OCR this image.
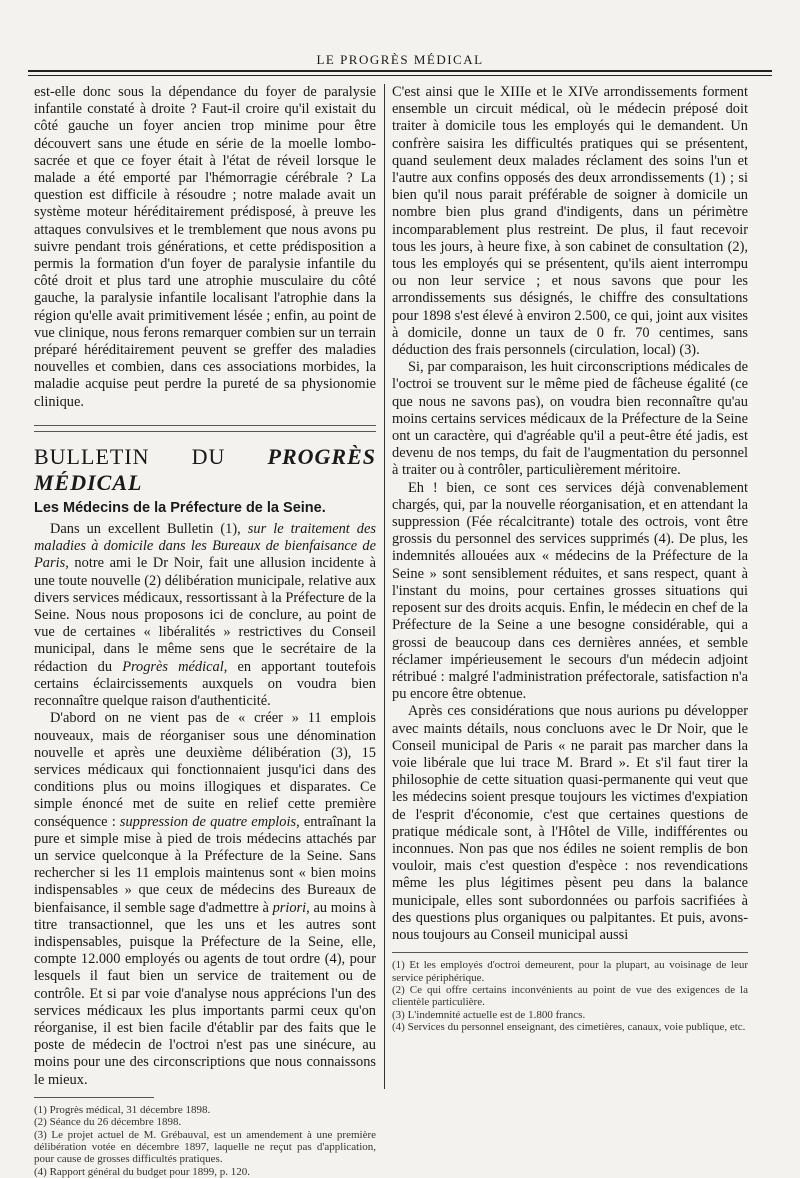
LE PROGRÈS MÉDICAL

est-elle donc sous la dépendance du foyer de paralysie infantile constaté à droite ? Faut-il croire qu'il existait du côté gauche un foyer ancien trop minime pour être découvert sans une étude en série de la moelle lombo-sacrée et que ce foyer était à l'état de réveil lorsque le malade a été emporté par l'hémorragie cérébrale ? La question est difficile à résoudre ; notre malade avait un système moteur héréditairement prédisposé, à preuve les attaques convulsives et le tremblement que nous avons pu suivre pendant trois générations, et cette prédisposition a permis la formation d'un foyer de paralysie infantile du côté droit et plus tard une atrophie musculaire du côté gauche, la paralysie infantile localisant l'atrophie dans la région qu'elle avait primitivement lésée ; enfin, au point de vue clinique, nous ferons remarquer combien sur un terrain préparé héréditairement peuvent se greffer des maladies nouvelles et combien, dans ces associations morbides, la maladie acquise peut perdre la pureté de sa physionomie clinique.

BULLETIN DU PROGRÈS MÉDICAL
Les Médecins de la Préfecture de la Seine.

Dans un excellent Bulletin (1), sur le traitement des maladies à domicile dans les Bureaux de bienfaisance de Paris, notre ami le Dr Noir, fait une allusion incidente à une toute nouvelle (2) délibération municipale, relative aux divers services médicaux, ressortissant à la Préfecture de la Seine. Nous nous proposons ici de conclure, au point de vue de certaines « libéralités » restrictives du Conseil municipal, dans le même sens que le secrétaire de la rédaction du Progrès médical, en apportant toutefois certains éclaircissements auxquels on voudra bien reconnaître quelque raison d'authenticité.

D'abord on ne vient pas de « créer » 11 emplois nouveaux, mais de réorganiser sous une dénomination nouvelle et après une deuxième délibération (3), 15 services médicaux qui fonctionnaient jusqu'ici dans des conditions plus ou moins illogiques et disparates. Ce simple énoncé met de suite en relief cette première conséquence : suppression de quatre emplois, entraînant la pure et simple mise à pied de trois médecins attachés par un service quelconque à la Préfecture de la Seine. Sans rechercher si les 11 emplois maintenus sont « bien moins indispensables » que ceux de médecins des Bureaux de bienfaisance, il semble sage d'admettre à priori, au moins à titre transactionnel, que les uns et les autres sont indispensables, puisque la Préfecture de la Seine, elle, compte 12.000 employés ou agents de tout ordre (4), pour lesquels il faut bien un service de traitement ou de contrôle. Et si par voie d'analyse nous apprécions l'un des services médicaux les plus importants parmi ceux qu'on réorganise, il est bien facile d'établir par des faits que le poste de médecin de l'octroi n'est pas une sinécure, au moins pour une des circonscriptions que nous connaissons le mieux.

(1) Progrès médical, 31 décembre 1898.

(2) Séance du 26 décembre 1898.

(3) Le projet actuel de M. Grébauval, est un amendement à une première délibération votée en décembre 1897, laquelle ne reçut pas d'application, pour cause de grosses difficultés pratiques.

(4) Rapport général du budget pour 1899, p. 120.

C'est ainsi que le XIIIe et le XIVe arrondissements forment ensemble un circuit médical, où le médecin préposé doit traiter à domicile tous les employés qui le demandent. Un confrère saisira les difficultés pratiques qui se présentent, quand seulement deux malades réclament des soins l'un et l'autre aux confins opposés des deux arrondissements (1) ; si bien qu'il nous parait préférable de soigner à domicile un nombre bien plus grand d'indigents, dans un périmètre incomparablement plus restreint. De plus, il faut recevoir tous les jours, à heure fixe, à son cabinet de consultation (2), tous les employés qui se présentent, qu'ils aient interrompu ou non leur service ; et nous savons que pour les arrondissements sus désignés, le chiffre des consultations pour 1898 s'est élevé à environ 2.500, ce qui, joint aux visites à domicile, donne un taux de 0 fr. 70 centimes, sans déduction des frais personnels (circulation, local) (3).

Si, par comparaison, les huit circonscriptions médicales de l'octroi se trouvent sur le même pied de fâcheuse égalité (ce que nous ne savons pas), on voudra bien reconnaître qu'au moins certains services médicaux de la Préfecture de la Seine ont un caractère, qui d'agréable qu'il a peut-être été jadis, est devenu de nos temps, du fait de l'augmentation du personnel à traiter ou à contrôler, particulièrement méritoire.

Eh ! bien, ce sont ces services déjà convenablement chargés, qui, par la nouvelle réorganisation, et en attendant la suppression (Fée récalcitrante) totale des octrois, vont être grossis du personnel des services supprimés (4). De plus, les indemnités allouées aux « médecins de la Préfecture de la Seine » sont sensiblement réduites, et sans respect, quant à l'instant du moins, pour certaines grosses situations qui reposent sur des droits acquis. Enfin, le médecin en chef de la Préfecture de la Seine a une besogne considérable, qui a grossi de beaucoup dans ces dernières années, et semble réclamer impérieusement le secours d'un médecin adjoint rétribué : malgré l'administration préfectorale, satisfaction n'a pu encore être obtenue.

Après ces considérations que nous aurions pu développer avec maints détails, nous concluons avec le Dr Noir, que le Conseil municipal de Paris « ne parait pas marcher dans la voie libérale que lui trace M. Brard ». Et s'il faut tirer la philosophie de cette situation quasi-permanente qui veut que les médecins soient presque toujours les victimes d'expiation de l'esprit d'économie, c'est que certaines questions de pratique médicale sont, à l'Hôtel de Ville, indifférentes ou inconnues. Non pas que nos édiles ne soient remplis de bon vouloir, mais c'est question d'espèce : nos revendications même les plus légitimes pèsent peu dans la balance municipale, elles sont subordonnées ou parfois sacrifiées à des questions plus organiques ou palpitantes. Et puis, avons-nous toujours au Conseil municipal aussi

(1) Et les employés d'octroi demeurent, pour la plupart, au voisinage de leur service périphérique.

(2) Ce qui offre certains inconvénients au point de vue des exigences de la clientèle particulière.

(3) L'indemnité actuelle est de 1.800 francs.

(4) Services du personnel enseignant, des cimetières, canaux, voie publique, etc.
